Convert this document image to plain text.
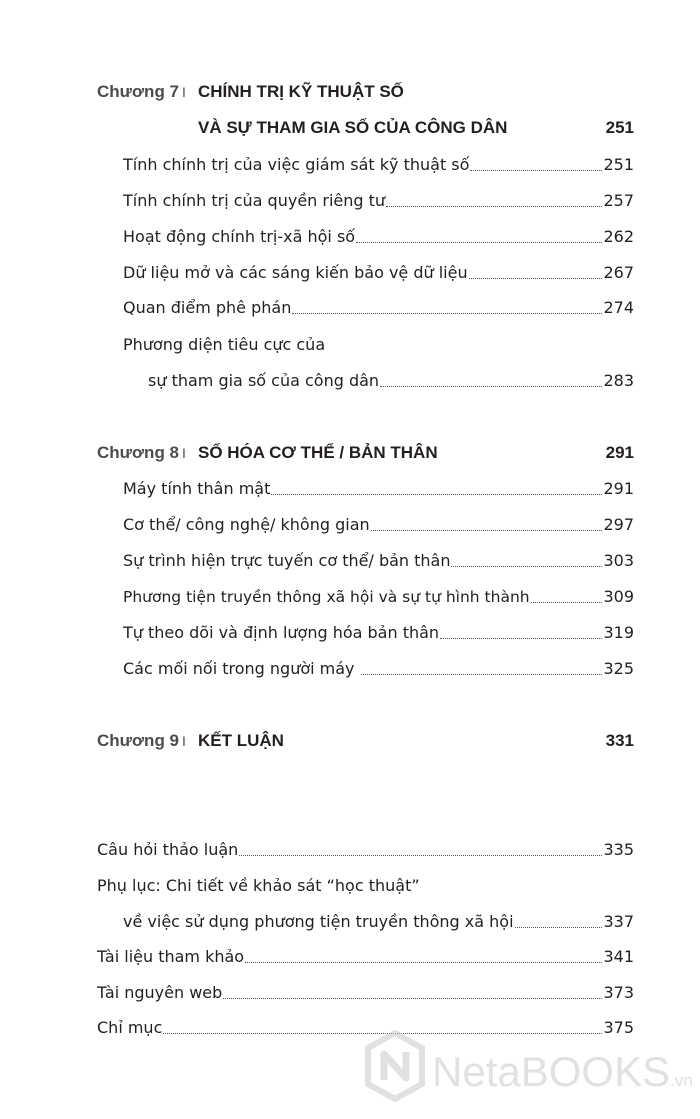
Chương 7 I CHÍNH TRỊ KỸ THUẬT SỐ
VÀ SỰ THAM GIA SỐ CỦA CÔNG DÂN	251
Tính chính trị của việc giám sát kỹ thuật số	251
Tính chính trị của quyền riêng tư	257
Hoạt động chính trị-xã hội số	262
Dữ liệu mở và các sáng kiến bảo vệ dữ liệu	267
Quan điểm phê phán	274
Phương diện tiêu cực của
sự tham gia số của công dân	283
Chương 8 I SỐ HÓA CƠ THỂ / BẢN THÂN	291
Máy tính thân mật	291
Cơ thể/ công nghệ/ không gian	297
Sự trình hiện trực tuyến cơ thể/ bản thân	303
Phương tiện truyền thông xã hội và sự tự hình thành	309
Tự theo dõi và định lượng hóa bản thân	319
Các mối nối trong người máy	325
Chương 9 I KẾT LUẬN	331
Câu hỏi thảo luận	335
Phụ lục: Chi tiết về khảo sát “học thuật”
về việc sử dụng phương tiện truyền thông xã hội	337
Tài liệu tham khảo	341
Tài nguyên web	373
Chỉ mục	375
NetaBOOKS.vn
